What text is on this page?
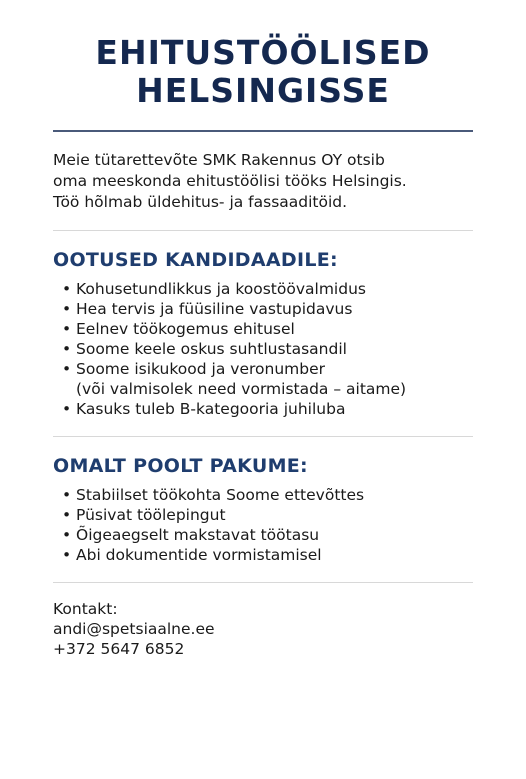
EHITUSTÖÖLISED
HELSINGISSE

Meie tütarettevõte SMK Rakennus OY otsib
oma meeskonda ehitustöölisi tööks Helsingis.
Töö hõlmab üldehitus- ja fassaaditöid.

OOTUSED KANDIDAADILE:
• Kohusetundlikkus ja koostöövalmidus
• Hea tervis ja füüsiline vastupidavus
• Eelnev töökogemus ehitusel
• Soome keele oskus suhtlustasandil
• Soome isikukood ja veronumber
(või valmisolek need vormistada – aitame)
• Kasuks tuleb B-kategooria juhiluba
OMALT POOLT PAKUME:
• Stabiilset töökohta Soome ettevõttes
• Püsivat töölepingut
• Õigeaegselt makstavat töötasu
• Abi dokumentide vormistamisel

Kontakt:
andi@spetsiaalne.ee
+372 5647 6852
